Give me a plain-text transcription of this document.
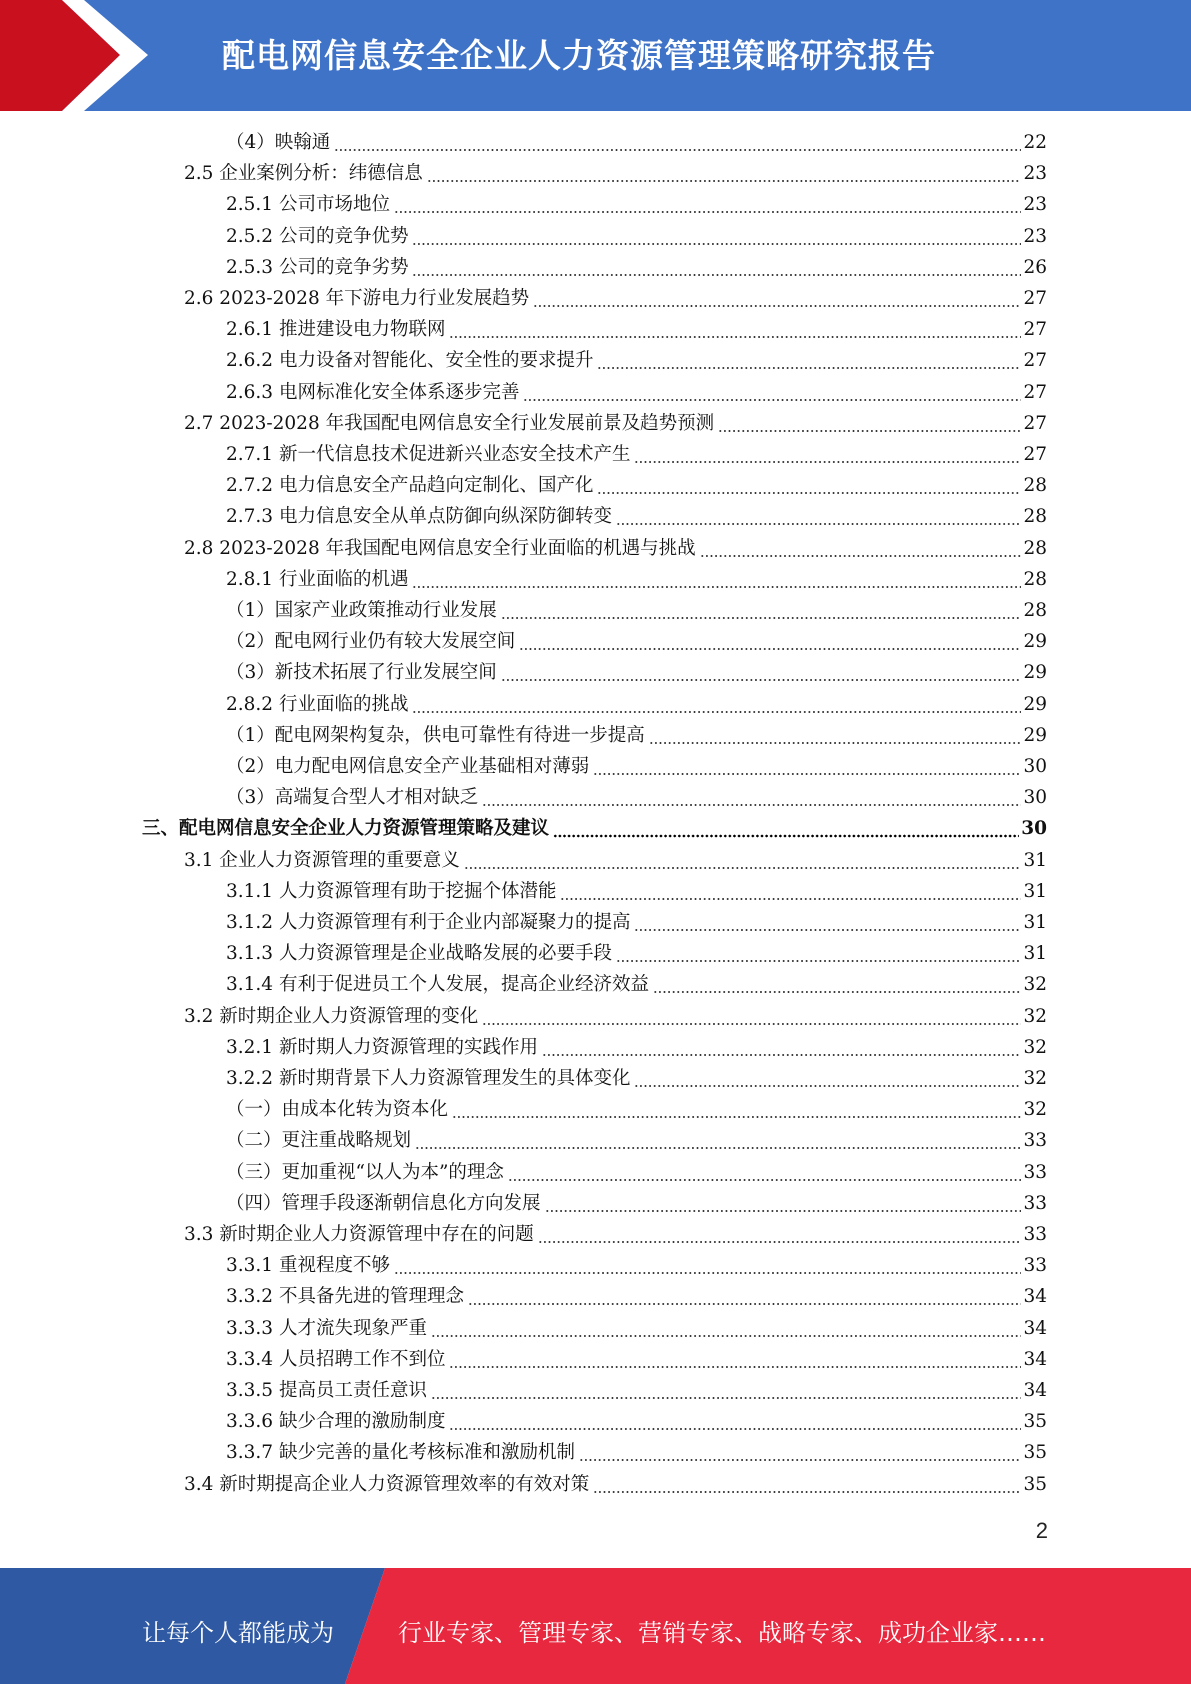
配电网信息安全企业人力资源管理策略研究报告
（4）映翰通	22
2.5 企业案例分析：纬德信息	23
2.5.1 公司市场地位	23
2.5.2 公司的竞争优势	23
2.5.3 公司的竞争劣势	26
2.6 2023-2028 年下游电力行业发展趋势	27
2.6.1 推进建设电力物联网	27
2.6.2 电力设备对智能化、安全性的要求提升	27
2.6.3 电网标准化安全体系逐步完善	27
2.7 2023-2028 年我国配电网信息安全行业发展前景及趋势预测	27
2.7.1 新一代信息技术促进新兴业态安全技术产生	27
2.7.2 电力信息安全产品趋向定制化、国产化	28
2.7.3 电力信息安全从单点防御向纵深防御转变	28
2.8 2023-2028 年我国配电网信息安全行业面临的机遇与挑战	28
2.8.1 行业面临的机遇	28
（1）国家产业政策推动行业发展	28
（2）配电网行业仍有较大发展空间	29
（3）新技术拓展了行业发展空间	29
2.8.2 行业面临的挑战	29
（1）配电网架构复杂，供电可靠性有待进一步提高	29
（2）电力配电网信息安全产业基础相对薄弱	30
（3）高端复合型人才相对缺乏	30
三、配电网信息安全企业人力资源管理策略及建议	30
3.1 企业人力资源管理的重要意义	31
3.1.1 人力资源管理有助于挖掘个体潜能	31
3.1.2 人力资源管理有利于企业内部凝聚力的提高	31
3.1.3 人力资源管理是企业战略发展的必要手段	31
3.1.4 有利于促进员工个人发展，提高企业经济效益	32
3.2 新时期企业人力资源管理的变化	32
3.2.1 新时期人力资源管理的实践作用	32
3.2.2 新时期背景下人力资源管理发生的具体变化	32
（一）由成本化转为资本化	32
（二）更注重战略规划	33
（三）更加重视“以人为本”的理念	33
（四）管理手段逐渐朝信息化方向发展	33
3.3 新时期企业人力资源管理中存在的问题	33
3.3.1 重视程度不够	33
3.3.2 不具备先进的管理理念	34
3.3.3 人才流失现象严重	34
3.3.4 人员招聘工作不到位	34
3.3.5 提高员工责任意识	34
3.3.6 缺少合理的激励制度	35
3.3.7 缺少完善的量化考核标准和激励机制	35
3.4 新时期提高企业人力资源管理效率的有效对策	35
2
让每个人都能成为	行业专家、管理专家、营销专家、战略专家、成功企业家……
